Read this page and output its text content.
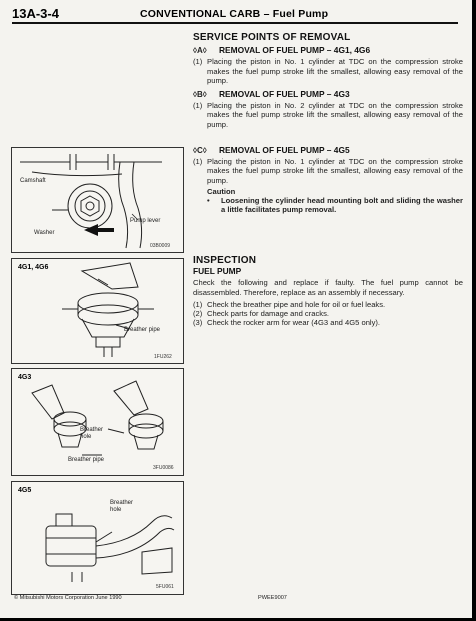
13A-3-4	CONVENTIONAL CARB – Fuel Pump
SERVICE POINTS OF REMOVAL
◊A◊	REMOVAL OF FUEL PUMP – 4G1, 4G6
(1) Placing the piston in No. 1 cylinder at TDC on the compression stroke makes the fuel pump stroke lift the smallest, allowing easy removal of the pump.
◊B◊	REMOVAL OF FUEL PUMP – 4G3
(1) Placing the piston in No. 2 cylinder at TDC on the compression stroke makes the fuel pump stroke lift the smallest, allowing easy removal of the pump.
◊C◊	REMOVAL OF FUEL PUMP – 4G5
(1) Placing the piston in No. 1 cylinder at TDC on the compression stroke makes the fuel pump stroke lift the smallest, allowing easy removal of the pump.
Caution
•	Loosening the cylinder head mounting bolt and sliding the washer a little facilitates pump removal.
INSPECTION
FUEL PUMP
Check the following and replace if faulty. The fuel pump cannot be disassembled. Therefore, replace as an assembly if necessary.
(1) Check the breather pipe and hole for oil or fuel leaks.
(2) Check parts for damage and cracks.
(3) Check the rocker arm for wear (4G3 and 4G5 only).
Camshaft
Pump lever
Washer
03B0009
4G1, 4G6
Breather pipe
1FU262
4G3
Breather hole
Breather pipe
3FU0086
4G5
Breather hole
5FU061
© Mitsubishi Motors Corporation June 1990	PWEE9007
